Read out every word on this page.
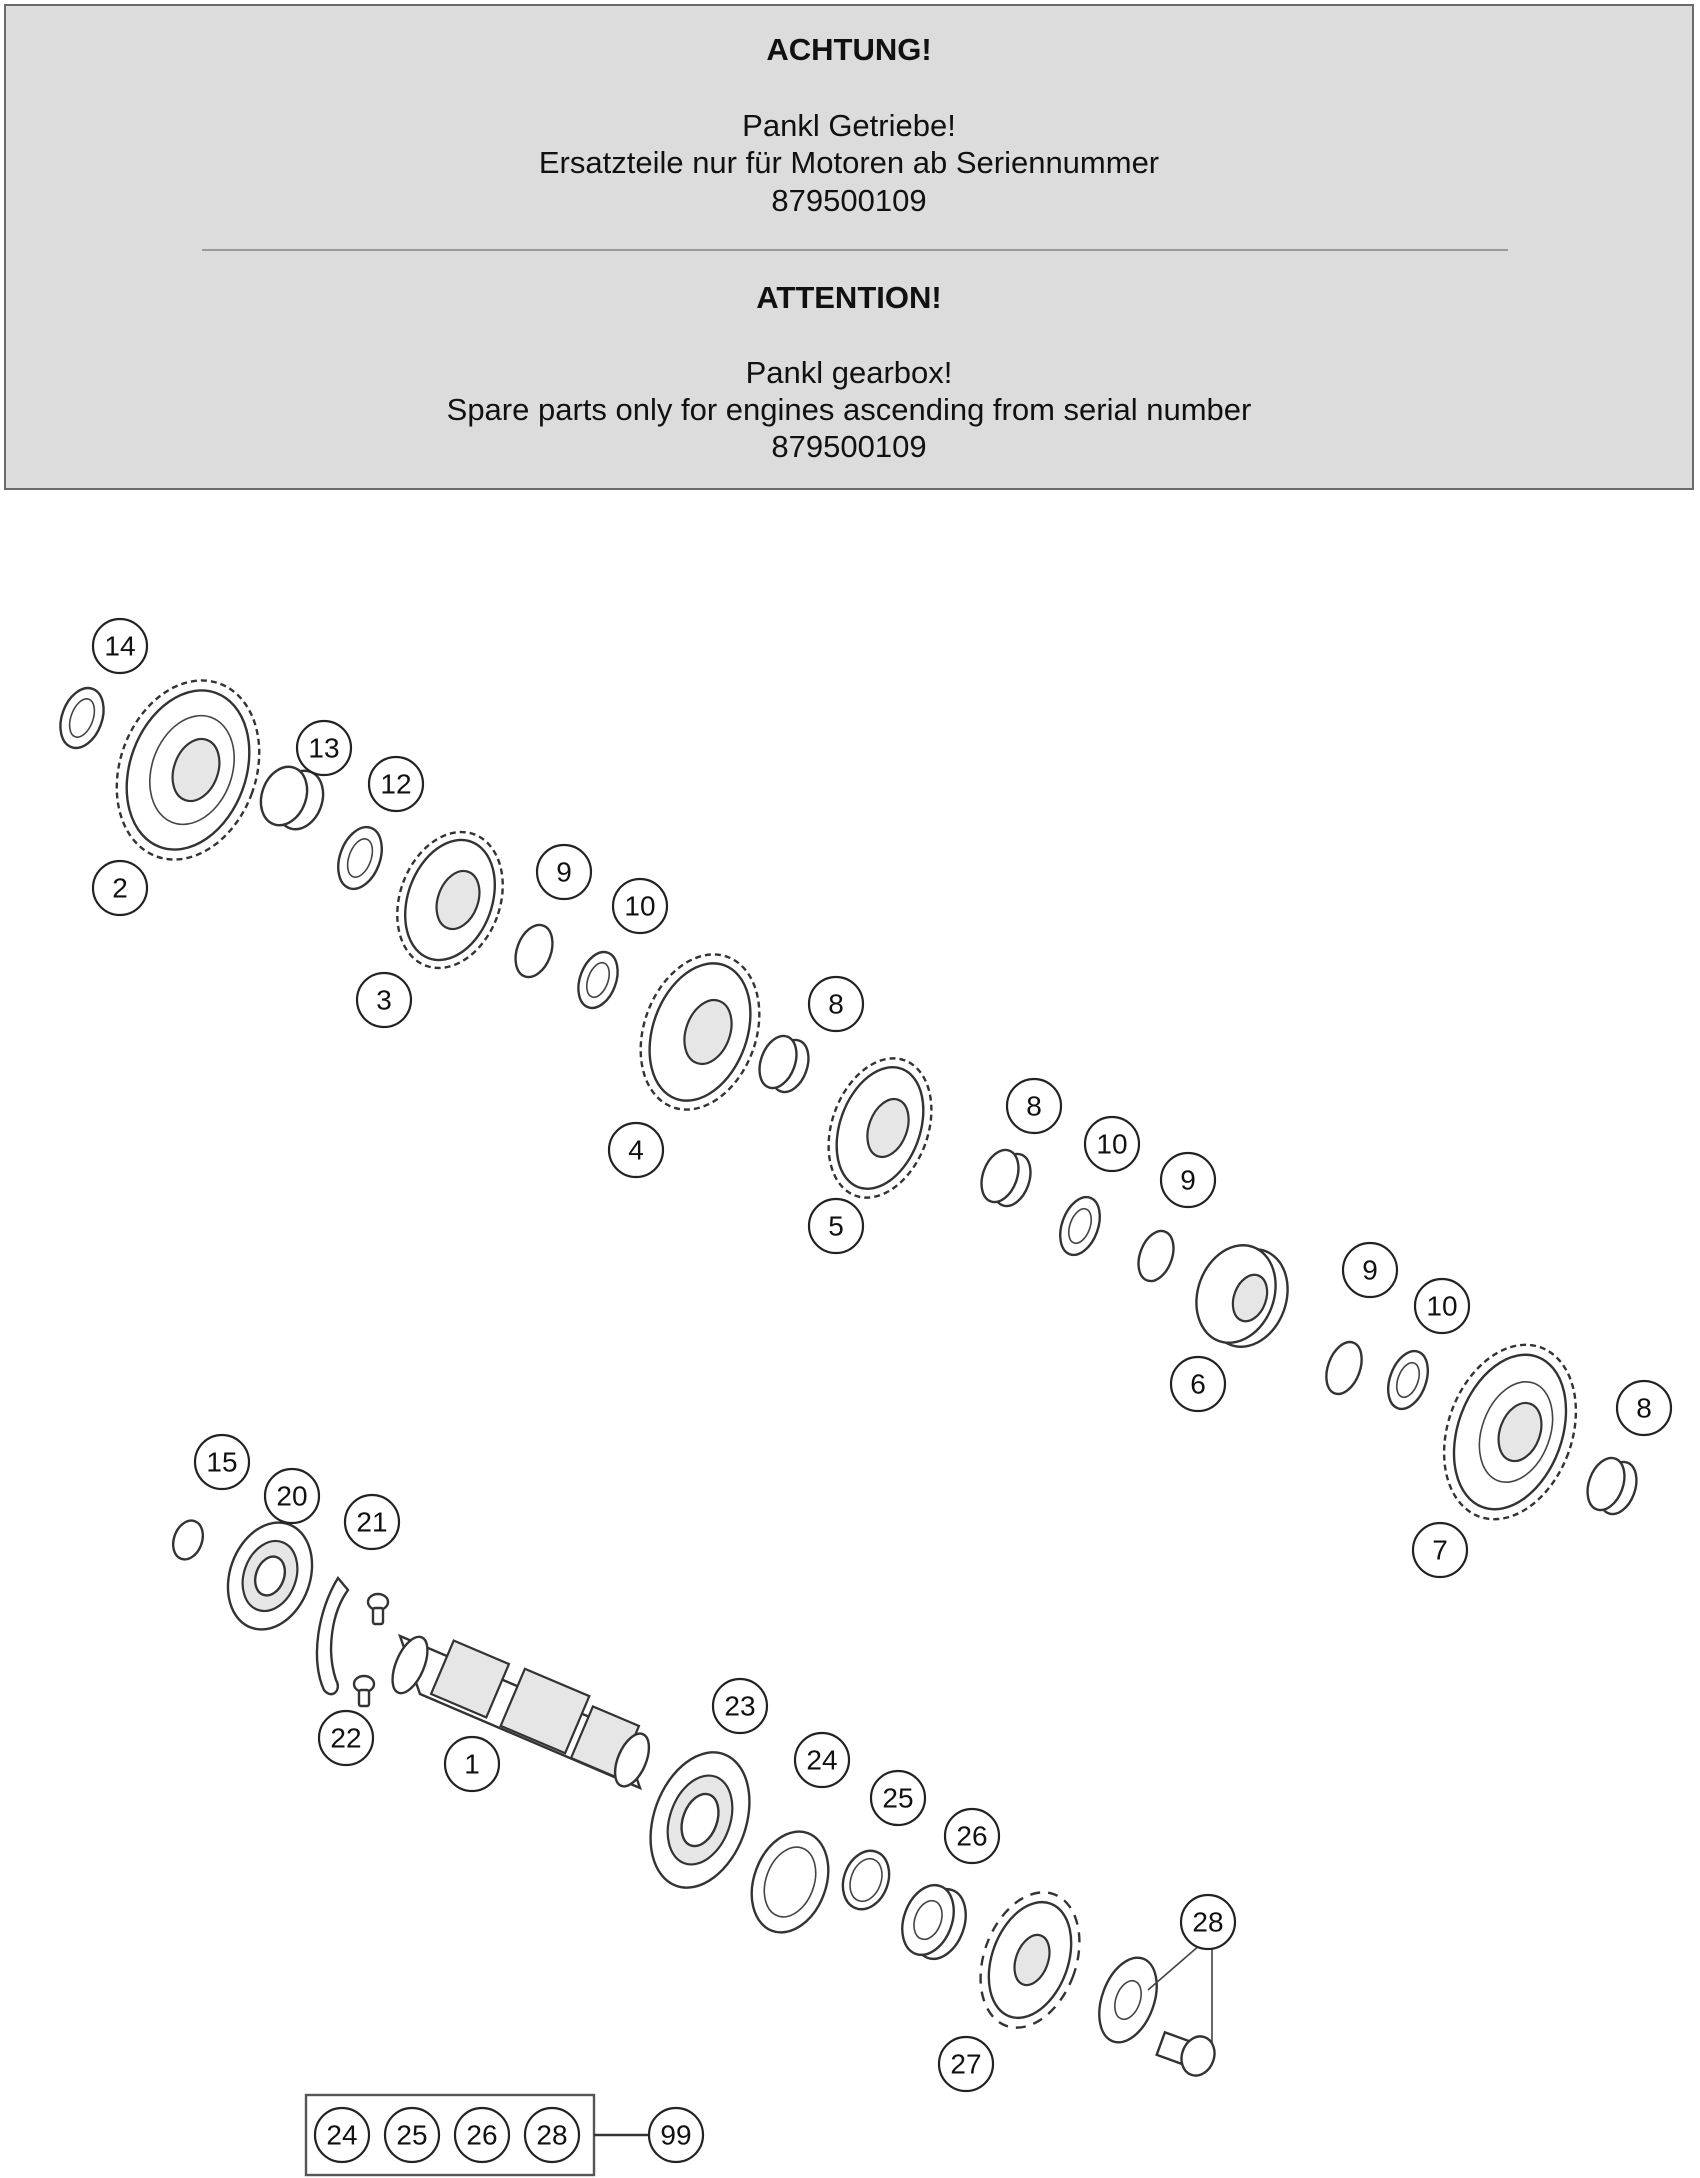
ACHTUNG!
Pankl Getriebe!
Ersatzteile nur für Motoren ab Seriennummer
879500109
ATTENTION!
Pankl gearbox!
Spare parts only for engines ascending from serial number
879500109
14
13
12
2
9
10
3	8
4
8
10
9
5
9
10
6
8
7
15
20
21
22
1
23
24
25
26
28
27
24 25 26 28	99
